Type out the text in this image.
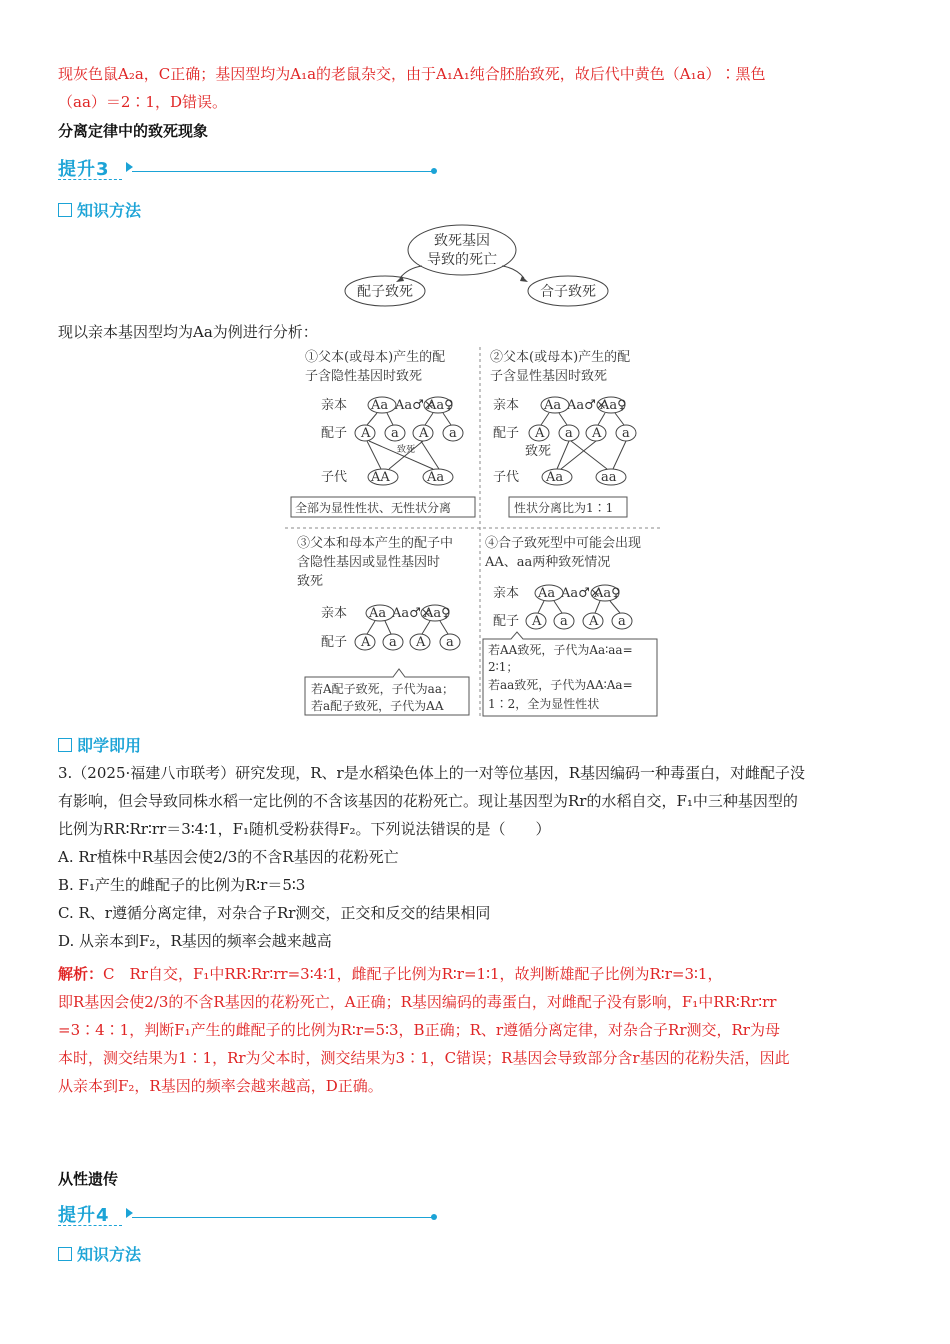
现灰色鼠A₂a，C正确；基因型均为A₁a的老鼠杂交，由于A₁A₁纯合胚胎致死，故后代中黄色（A₁a）∶黑色
（aa）＝2∶1，D错误。
分离定律中的致死现象
提升3
知识方法
致死基因
导致的死亡
配子致死	合子致死
现以亲本基因型均为Aa为例进行分析：
①父本(或母本)产生的配
子含隐性基因时致死
亲本 Aa Aa♂×
Aa♀
配子 A a A a
致死
子代 AA	Aa
全部为显性性状、无性状分离
②父本(或母本)产生的配
子含显性基因时致死
亲本 Aa Aa♂×
Aa♀
配子 A a A a
致死
子代 Aa	aa
性状分离比为1∶1
③父本和母本产生的配子中
含隐性基因或显性基因时
致死
亲本 Aa Aa♂×
Aa♀
配子 A a A a
若A配子致死，子代为aa；
若a配子致死，子代为AA
④合子致死型中可能会出现
AA、aa两种致死情况
亲本 Aa Aa♂×
Aa♀
配子 A a A a
若AA致死，子代为Aa∶aa=
2∶1；
若aa致死，子代为AA∶Aa=
1∶2，全为显性性状
即学即用
3.（2025·福建八市联考）研究发现，R、r是水稻染色体上的一对等位基因，R基因编码一种毒蛋白，对雌配子没
有影响，但会导致同株水稻一定比例的不含该基因的花粉死亡。现让基因型为Rr的水稻自交，F₁中三种基因型的
比例为RR∶Rr∶rr＝3∶4∶1，F₁随机受粉获得F₂。下列说法错误的是（　　）
A. Rr植株中R基因会使2/3的不含R基因的花粉死亡
B. F₁产生的雌配子的比例为R∶r＝5∶3
C. R、r遵循分离定律，对杂合子Rr测交，正交和反交的结果相同
D. 从亲本到F₂，R基因的频率会越来越高
解析：C　Rr自交，F₁中RR∶Rr∶rr=3∶4∶1，雌配子比例为R∶r=1∶1，故判断雄配子比例为R∶r=3∶1，
即R基因会使2/3的不含R基因的花粉死亡，A正确；R基因编码的毒蛋白，对雌配子没有影响，F₁中RR∶Rr∶rr
=3∶4∶1，判断F₁产生的雌配子的比例为R∶r=5∶3，B正确；R、r遵循分离定律，对杂合子Rr测交，Rr为母
本时，测交结果为1∶1，Rr为父本时，测交结果为3∶1，C错误；R基因会导致部分含r基因的花粉失活，因此
从亲本到F₂，R基因的频率会越来越高，D正确。
从性遗传
提升4
知识方法
